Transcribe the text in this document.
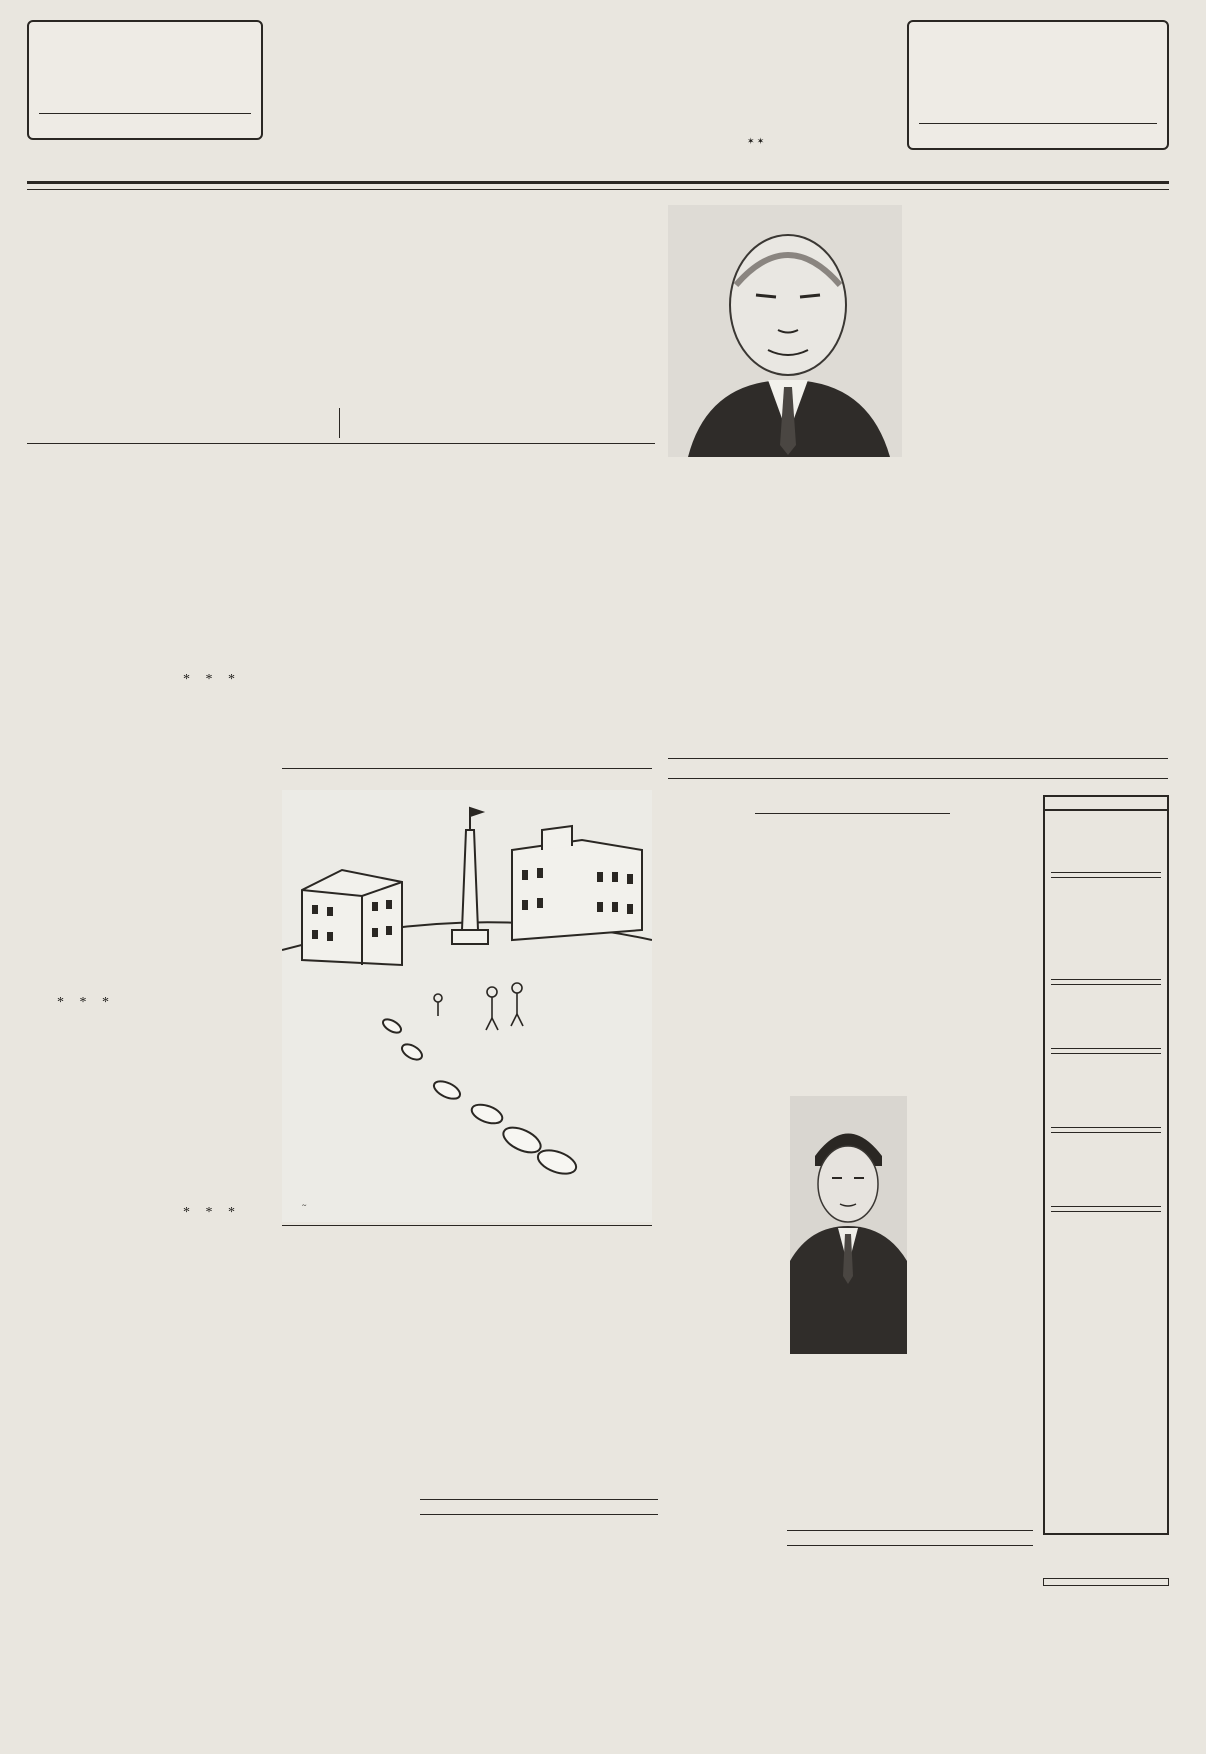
✶ ✶
* * *
* * *
* * *	~
